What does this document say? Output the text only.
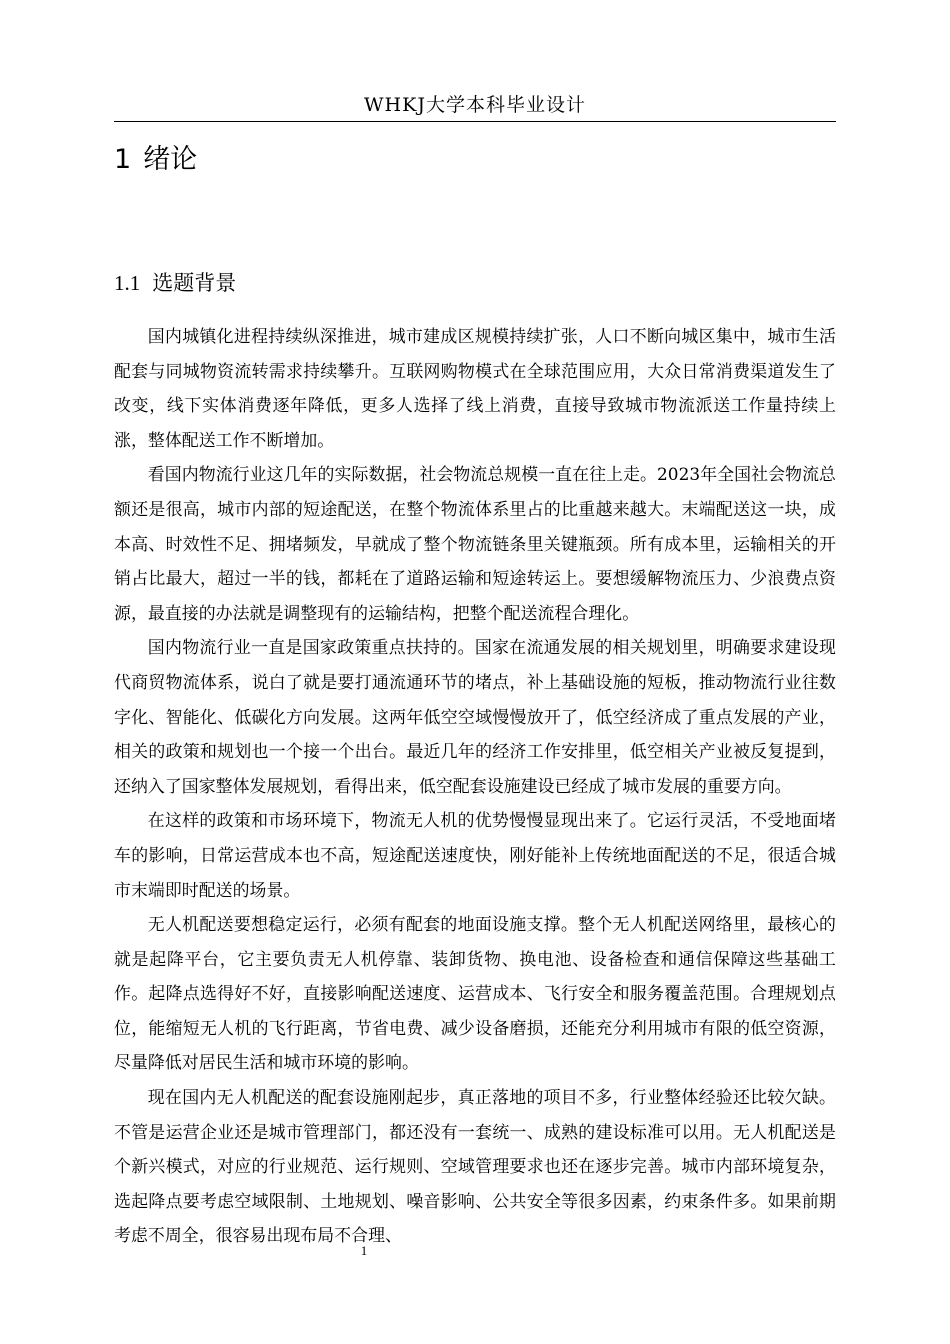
WHKJ大学本科毕业设计
1 绪论
1.1 选题背景

国内城镇化进程持续纵深推进，城市建成区规模持续扩张，人口不断向城区集中，城市生活配套与同城物资流转需求持续攀升。互联网购物模式在全球范围应用，大众日常消费渠道发生了改变，线下实体消费逐年降低，更多人选择了线上消费，直接导致城市物流派送工作量持续上涨，整体配送工作不断增加。

看国内物流行业这几年的实际数据，社会物流总规模一直在往上走。2023年全国社会物流总额还是很高，城市内部的短途配送，在整个物流体系里占的比重越来越大。末端配送这一块，成本高、时效性不足、拥堵频发，早就成了整个物流链条里关键瓶颈。所有成本里，运输相关的开销占比最大，超过一半的钱，都耗在了道路运输和短途转运上。要想缓解物流压力、少浪费点资源，最直接的办法就是调整现有的运输结构，把整个配送流程合理化。

国内物流行业一直是国家政策重点扶持的。国家在流通发展的相关规划里，明确要求建设现代商贸物流体系，说白了就是要打通流通环节的堵点，补上基础设施的短板，推动物流行业往数字化、智能化、低碳化方向发展。这两年低空空域慢慢放开了，低空经济成了重点发展的产业，相关的政策和规划也一个接一个出台。最近几年的经济工作安排里，低空相关产业被反复提到，还纳入了国家整体发展规划，看得出来，低空配套设施建设已经成了城市发展的重要方向。

在这样的政策和市场环境下，物流无人机的优势慢慢显现出来了。它运行灵活，不受地面堵车的影响，日常运营成本也不高，短途配送速度快，刚好能补上传统地面配送的不足，很适合城市末端即时配送的场景。

无人机配送要想稳定运行，必须有配套的地面设施支撑。整个无人机配送网络里，最核心的就是起降平台，它主要负责无人机停靠、装卸货物、换电池、设备检查和通信保障这些基础工作。起降点选得好不好，直接影响配送速度、运营成本、飞行安全和服务覆盖范围。合理规划点位，能缩短无人机的飞行距离，节省电费、减少设备磨损，还能充分利用城市有限的低空资源，尽量降低对居民生活和城市环境的影响。

现在国内无人机配送的配套设施刚起步，真正落地的项目不多，行业整体经验还比较欠缺。不管是运营企业还是城市管理部门，都还没有一套统一、成熟的建设标准可以用。无人机配送是个新兴模式，对应的行业规范、运行规则、空域管理要求也还在逐步完善。城市内部环境复杂，选起降点要考虑空域限制、土地规划、噪音影响、公共安全等很多因素，约束条件多。如果前期考虑不周全，很容易出现布局不合理、

1
